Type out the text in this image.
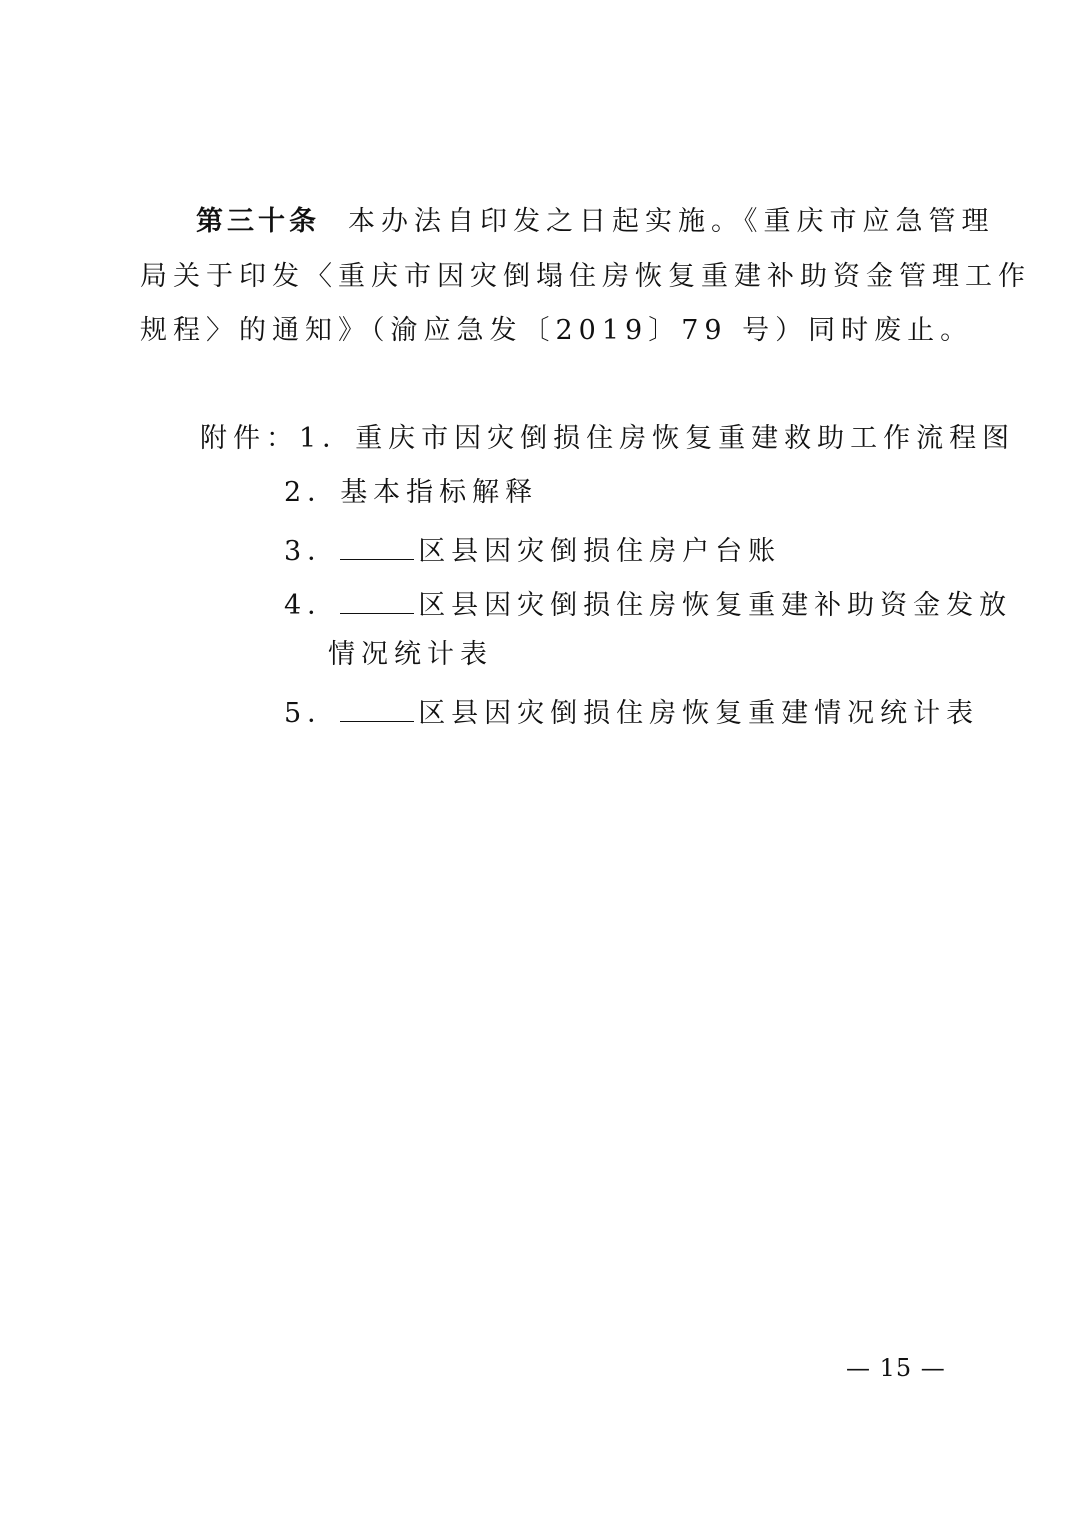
第三十条 本办法自印发之日起实施。《重庆市应急管理
局关于印发〈重庆市因灾倒塌住房恢复重建补助资金管理工作
规程〉的通知》（渝应急发〔2019〕79 号）同时废止。
附件：1．重庆市因灾倒损住房恢复重建救助工作流程图
2．基本指标解释
3．	区县因灾倒损住房户台账
4．	区县因灾倒损住房恢复重建补助资金发放
情况统计表
5．	区县因灾倒损住房恢复重建情况统计表
— 15 —
